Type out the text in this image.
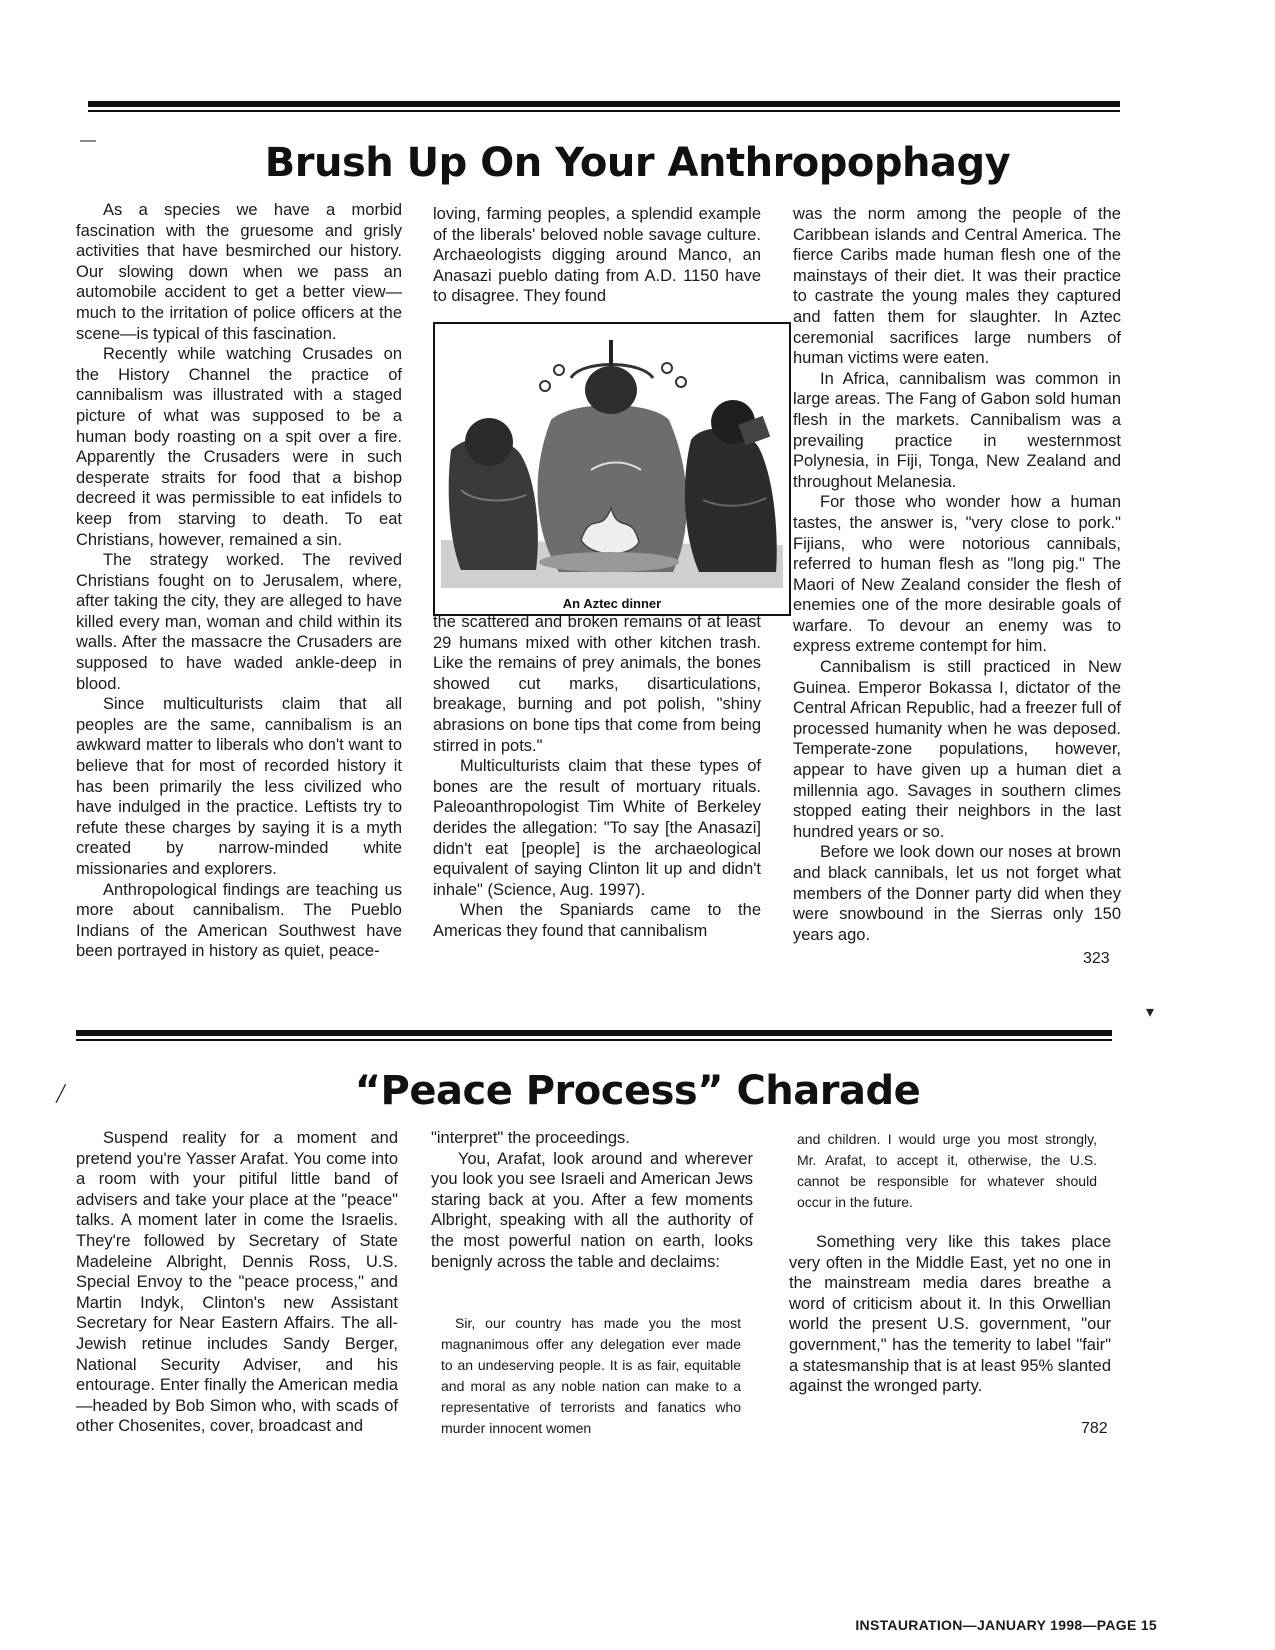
―	Brush Up On Your Anthropophagy

As a species we have a morbid fascination with the gruesome and grisly activities that have besmirched our history. Our slowing down when we pass an automobile accident to get a better view—much to the irritation of police officers at the scene—is typical of this fascination.

Recently while watching Crusades on the History Channel the practice of cannibalism was illustrated with a staged picture of what was supposed to be a human body roasting on a spit over a fire. Apparently the Crusaders were in such desperate straits for food that a bishop decreed it was permissible to eat infidels to keep from starving to death. To eat Christians, however, remained a sin.

The strategy worked. The revived Christians fought on to Jerusalem, where, after taking the city, they are alleged to have killed every man, woman and child within its walls. After the massacre the Crusaders are supposed to have waded ankle-deep in blood.

Since multiculturists claim that all peoples are the same, cannibalism is an awkward matter to liberals who don't want to believe that for most of recorded history it has been primarily the less civilized who have indulged in the practice. Leftists try to refute these charges by saying it is a myth created by narrow-minded white missionaries and explorers.

Anthropological findings are teaching us more about cannibalism. The Pueblo Indians of the American Southwest have been portrayed in history as quiet, peace-

loving, farming peoples, a splendid example of the liberals' beloved noble savage culture. Archaeologists digging around Manco, an Anasazi pueblo dating from A.D. 1150 have to disagree. They found

An Aztec dinner

the scattered and broken remains of at least 29 humans mixed with other kitchen trash. Like the remains of prey animals, the bones showed cut marks, disarticulations, breakage, burning and pot polish, "shiny abrasions on bone tips that come from being stirred in pots."

Multiculturists claim that these types of bones are the result of mortuary rituals. Paleoanthropologist Tim White of Berkeley derides the allegation: "To say [the Anasazi] didn't eat [people] is the archaeological equivalent of saying Clinton lit up and didn't inhale" (Science, Aug. 1997).

When the Spaniards came to the Americas they found that cannibalism

was the norm among the people of the Caribbean islands and Central America. The fierce Caribs made human flesh one of the mainstays of their diet. It was their practice to castrate the young males they captured and fatten them for slaughter. In Aztec ceremonial sacrifices large numbers of human victims were eaten.

In Africa, cannibalism was common in large areas. The Fang of Gabon sold human flesh in the markets. Cannibalism was a prevailing practice in westernmost Polynesia, in Fiji, Tonga, New Zealand and throughout Melanesia.

For those who wonder how a human tastes, the answer is, "very close to pork." Fijians, who were notorious cannibals, referred to human flesh as "long pig." The Maori of New Zealand consider the flesh of enemies one of the more desirable goals of warfare. To devour an enemy was to express extreme contempt for him.

Cannibalism is still practiced in New Guinea. Emperor Bokassa I, dictator of the Central African Republic, had a freezer full of processed humanity when he was deposed. Temperate-zone populations, however, appear to have given up a human diet a millennia ago. Savages in southern climes stopped eating their neighbors in the last hundred years or so.

Before we look down our noses at brown and black cannibals, let us not forget what members of the Donner party did when they were snowbound in the Sierras only 150 years ago.

323
▾
╱	“Peace Process” Charade

Suspend reality for a moment and pretend you're Yasser Arafat. You come into a room with your pitiful little band of advisers and take your place at the "peace" talks. A moment later in come the Israelis. They're followed by Secretary of State Madeleine Albright, Dennis Ross, U.S. Special Envoy to the "peace process," and Martin Indyk, Clinton's new Assistant Secretary for Near Eastern Affairs. The all-Jewish retinue includes Sandy Berger, National Security Adviser, and his entourage. Enter finally the American media—headed by Bob Simon who, with scads of other Chosenites, cover, broadcast and

"interpret" the proceedings.

You, Arafat, look around and wherever you look you see Israeli and American Jews staring back at you. After a few moments Albright, speaking with all the authority of the most powerful nation on earth, looks benignly across the table and declaims:

Sir, our country has made you the most magnanimous offer any delegation ever made to an undeserving people. It is as fair, equitable and moral as any noble nation can make to a representative of terrorists and fanatics who murder innocent women

and children. I would urge you most strongly, Mr. Arafat, to accept it, otherwise, the U.S. cannot be responsible for whatever should occur in the future.

Something very like this takes place very often in the Middle East, yet no one in the mainstream media dares breathe a word of criticism about it. In this Orwellian world the present U.S. government, "our government," has the temerity to label "fair" a statesmanship that is at least 95% slanted against the wronged party.

782
INSTAURATION—JANUARY 1998—PAGE 15
